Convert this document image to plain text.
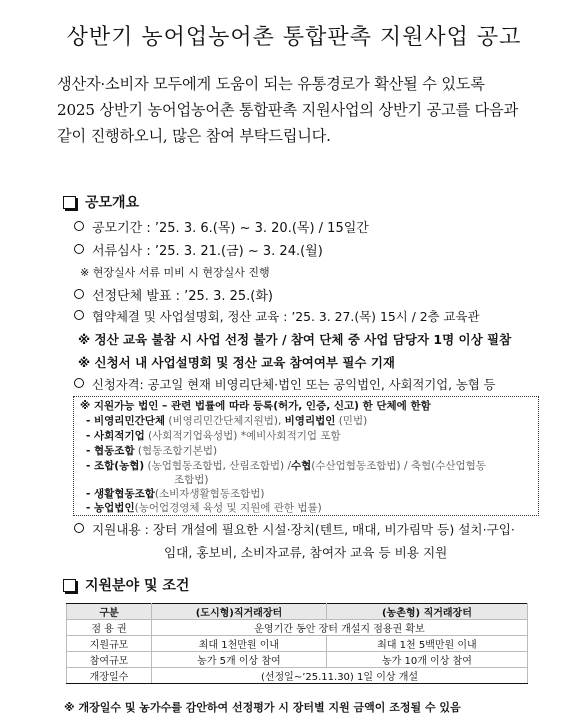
상반기 농어업농어촌 통합판촉 지원사업 공고
생산자·소비자 모두에게 도움이 되는 유통경로가 확산될 수 있도록
2025 상반기 농어업농어촌 통합판촉 지원사업의 상반기 공고를 다음과
같이 진행하오니, 많은 참여 부탁드립니다.
공모개요
공모기간 : ’25. 3. 6.(목) ~ 3. 20.(목) / 15일간
서류심사 : ’25. 3. 21.(금) ~ 3. 24.(월)
※ 현장실사 서류 미비 시 현장실사 진행
선정단체 발표 : ’25. 3. 25.(화)
협약체결 및 사업설명회, 정산 교육 : ’25. 3. 27.(목) 15시 / 2층 교육관
※ 정산 교육 불참 시 사업 선정 불가 / 참여 단체 중 사업 담당자 1명 이상 필참
※ 신청서 내 사업설명회 및 정산 교육 참여여부 필수 기재
신청자격: 공고일 현재 비영리단체·법인 또는 공익법인, 사회적기업, 농협 등
※ 지원가능 법인 – 관련 법률에 따라 등록(허가, 인증, 신고) 한 단체에 한함
- 비영리민간단체 (비영리민간단체지원법), 비영리법인 (민법)
- 사회적기업 (사회적기업육성법) *예비사회적기업 포함
- 협동조합 (협동조합기본법)
- 조합(농협) (농업협동조합법, 산림조합법) /수협(수산업협동조합법) / 축협(수산업협동
조합법)
- 생활협동조합(소비자생활협동조합법)
- 농업법인(농어업경영체 육성 및 지원에 관한 법률)
지원내용 : 장터 개설에 필요한 시설·장치(텐트, 매대, 비가림막 등) 설치·구입·
임대, 홍보비, 소비자교류, 참여자 교육 등 비용 지원
지원분야 및 조건
구분	(도시형)직거래장터	(농촌형) 직거래장터
점 용 권	운영기간 동안 장터 개설지 점용권 확보	
지원규모	최대 1천만원 이내	최대 1천 5백만원 이내
참여규모	농가 5개 이상 참여	농가 10개 이상 참여
개장일수	(선정일~’25.11.30) 1일 이상 개설	
※ 개장일수 및 농가수를 감안하여 선정평가 시 장터별 지원 금액이 조정될 수 있음
